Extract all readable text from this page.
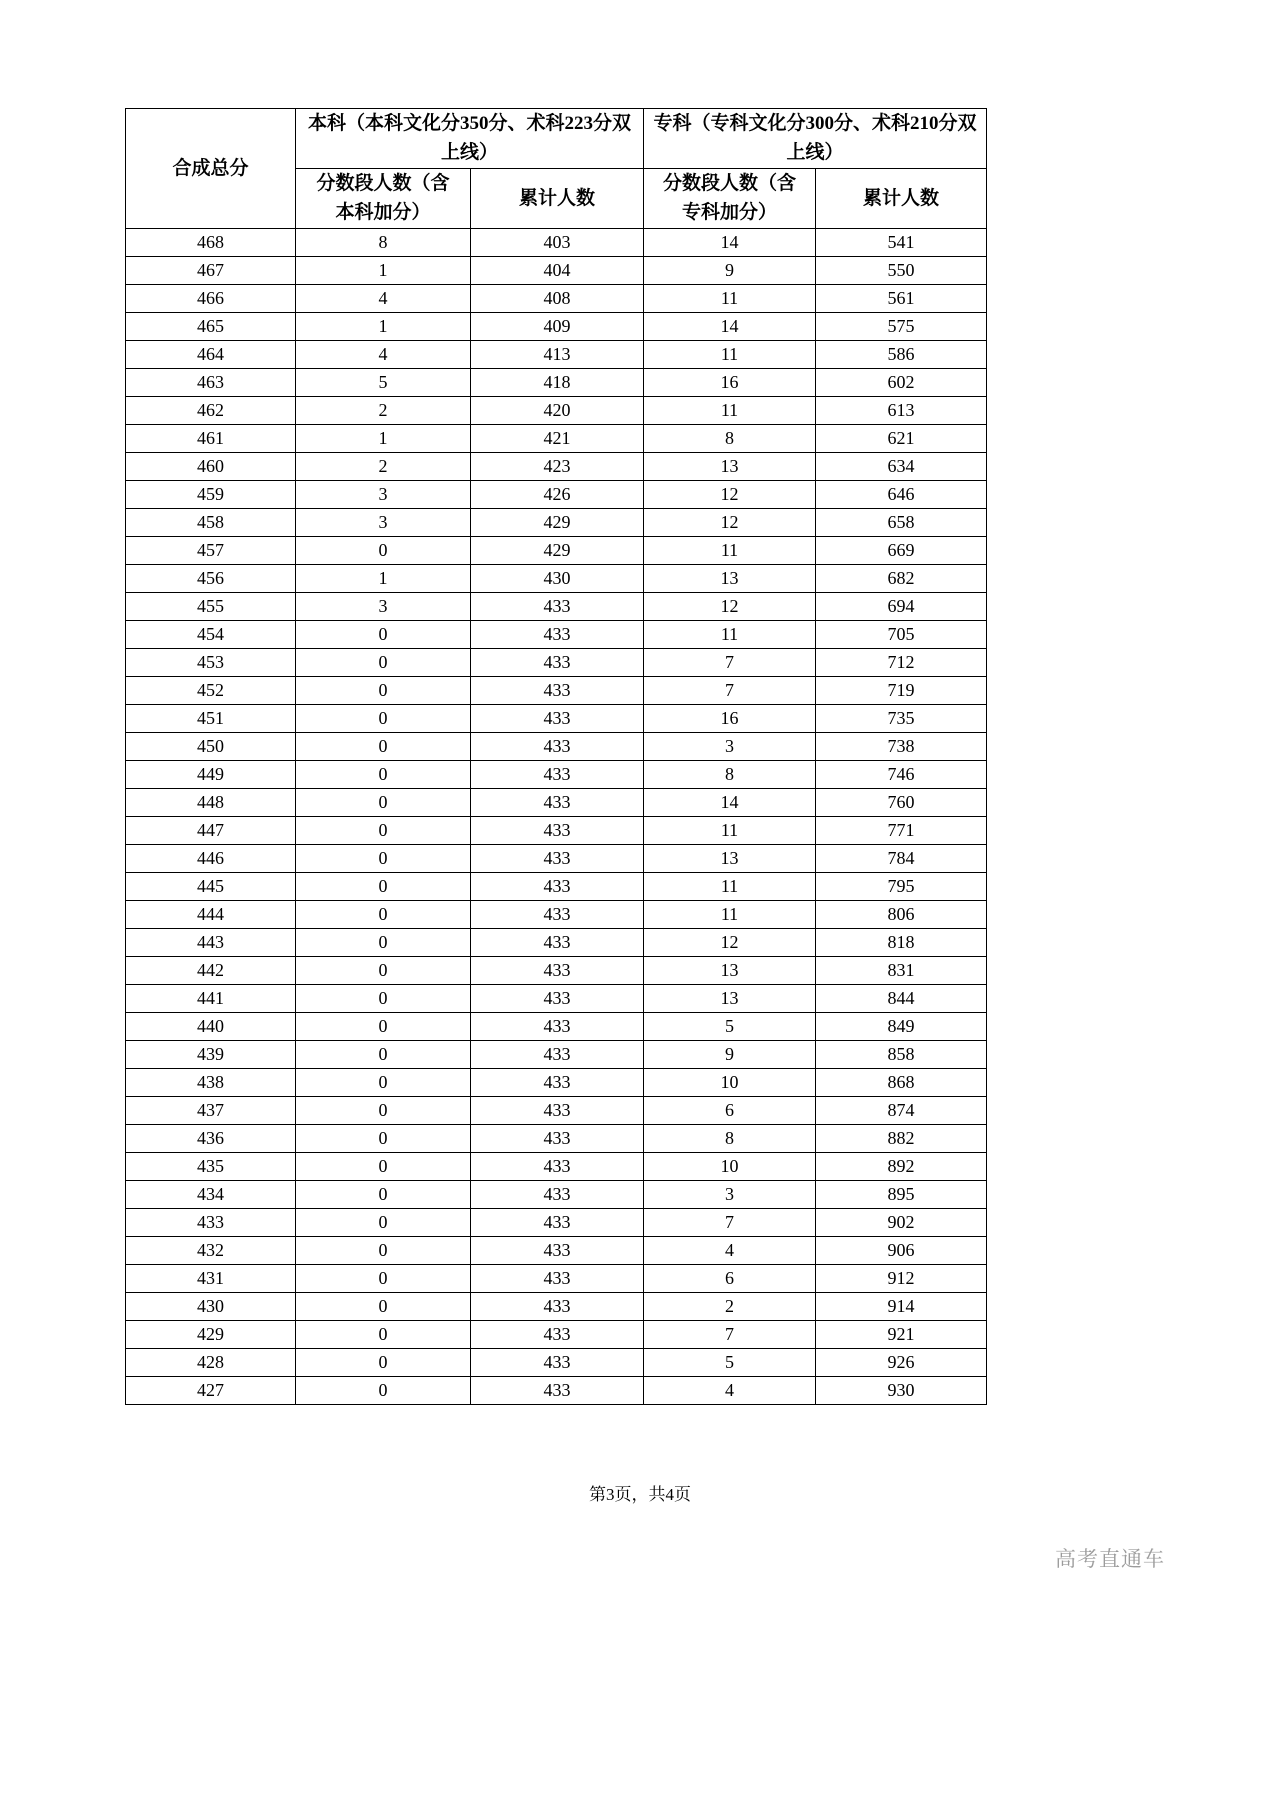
合成总分	本科（本科文化分350分、术科223分双上线）		专科（专科文化分300分、术科210分双上线）	
	分数段人数（含本科加分）	累计人数	分数段人数（含专科加分）	累计人数
468	8	403	14	541
467	1	404	9	550
466	4	408	11	561
465	1	409	14	575
464	4	413	11	586
463	5	418	16	602
462	2	420	11	613
461	1	421	8	621
460	2	423	13	634
459	3	426	12	646
458	3	429	12	658
457	0	429	11	669
456	1	430	13	682
455	3	433	12	694
454	0	433	11	705
453	0	433	7	712
452	0	433	7	719
451	0	433	16	735
450	0	433	3	738
449	0	433	8	746
448	0	433	14	760
447	0	433	11	771
446	0	433	13	784
445	0	433	11	795
444	0	433	11	806
443	0	433	12	818
442	0	433	13	831
441	0	433	13	844
440	0	433	5	849
439	0	433	9	858
438	0	433	10	868
437	0	433	6	874
436	0	433	8	882
435	0	433	10	892
434	0	433	3	895
433	0	433	7	902
432	0	433	4	906
431	0	433	6	912
430	0	433	2	914
429	0	433	7	921
428	0	433	5	926
427	0	433	4	930
第3页，共4页
高考直通车
